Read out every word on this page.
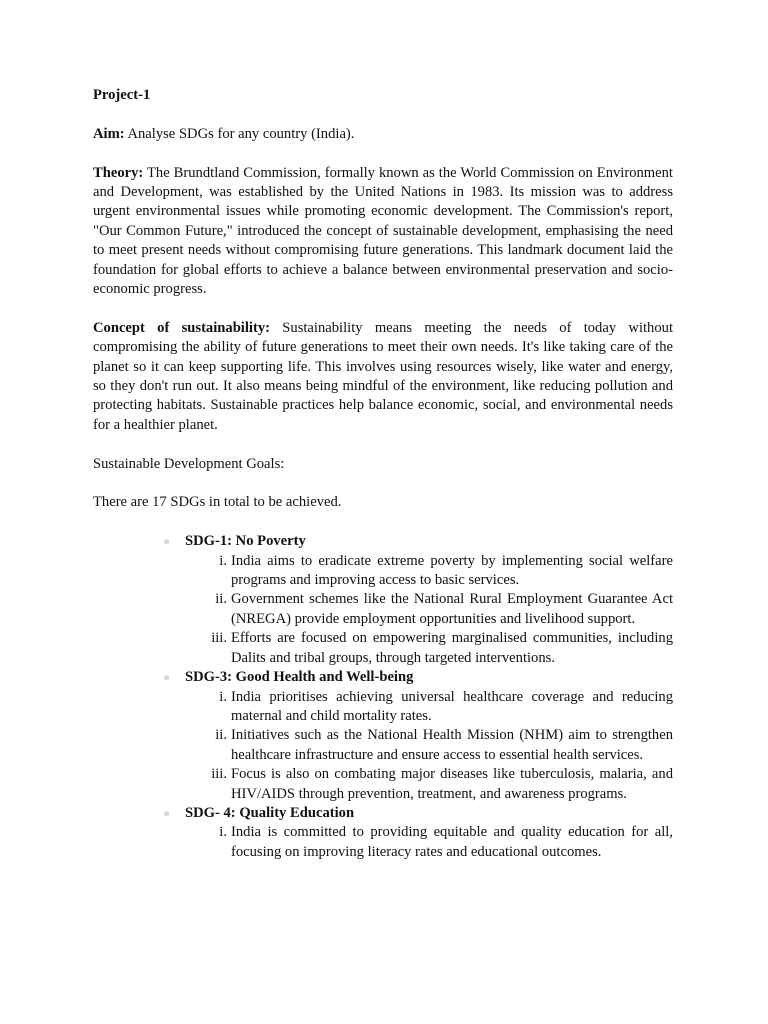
Project-1

Aim: Analyse SDGs for any country (India).

Theory: The Brundtland Commission, formally known as the World Commission on Environment and Development, was established by the United Nations in 1983. Its mission was to address urgent environmental issues while promoting economic development. The Commission's report, "Our Common Future," introduced the concept of sustainable development, emphasising the need to meet present needs without compromising future generations. This landmark document laid the foundation for global efforts to achieve a balance between environmental preservation and socio-economic progress.

Concept of sustainability: Sustainability means meeting the needs of today without compromising the ability of future generations to meet their own needs. It's like taking care of the planet so it can keep supporting life. This involves using resources wisely, like water and energy, so they don't run out. It also means being mindful of the environment, like reducing pollution and protecting habitats. Sustainable practices help balance economic, social, and environmental needs for a healthier planet.

Sustainable Development Goals:

There are 17 SDGs in total to be achieved.

● SDG-1: No Poverty
i. India aims to eradicate extreme poverty by implementing social welfare programs and improving access to basic services.
ii. Government schemes like the National Rural Employment Guarantee Act (NREGA) provide employment opportunities and livelihood support.
iii. Efforts are focused on empowering marginalised communities, including Dalits and tribal groups, through targeted interventions.
● SDG-3: Good Health and Well-being
i. India prioritises achieving universal healthcare coverage and reducing maternal and child mortality rates.
ii. Initiatives such as the National Health Mission (NHM) aim to strengthen healthcare infrastructure and ensure access to essential health services.
iii. Focus is also on combating major diseases like tuberculosis, malaria, and HIV/AIDS through prevention, treatment, and awareness programs.
● SDG- 4: Quality Education
i. India is committed to providing equitable and quality education for all, focusing on improving literacy rates and educational outcomes.
